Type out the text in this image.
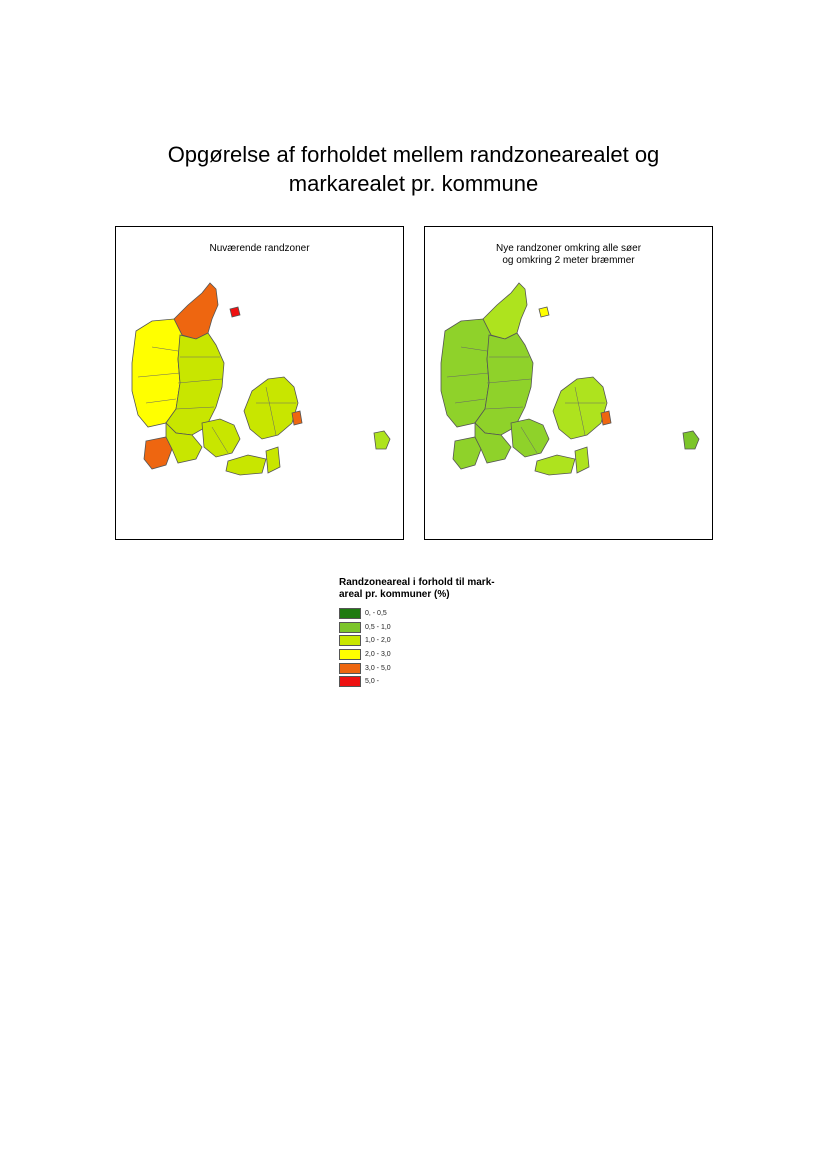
Opgørelse af forholdet mellem randzonearealet og
markarealet pr. kommune
Nuværende randzoner	Nye randzoner omkring alle søer
og omkring 2 meter bræmmer
Randzoneareal i forhold til mark-
areal pr. kommuner (%)
0, - 0,5
0,5 - 1,0
1,0 - 2,0
2,0 - 3,0
3,0 - 5,0
5,0 -
